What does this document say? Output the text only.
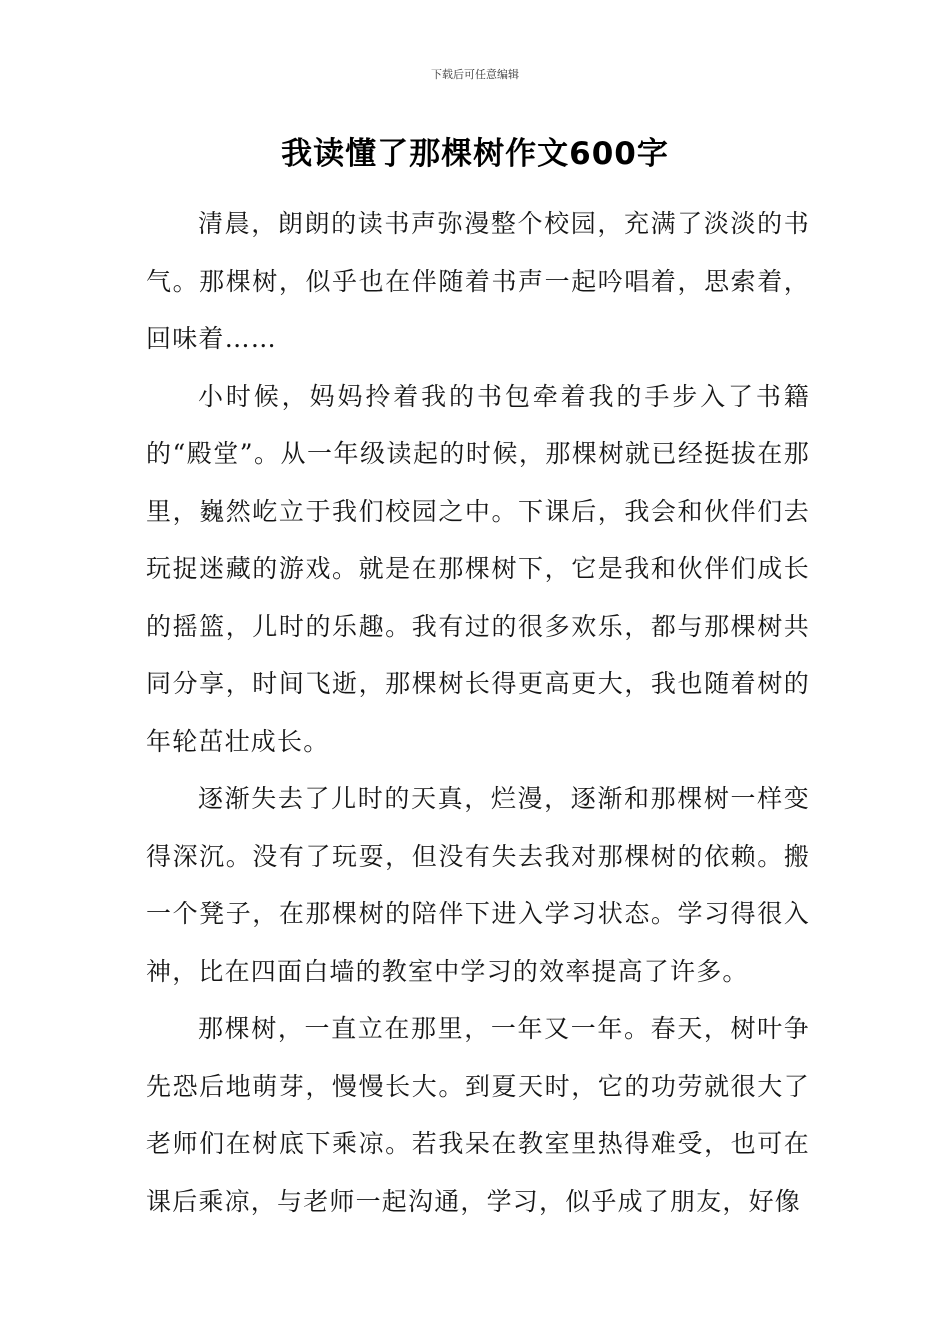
下载后可任意编辑
我读懂了那棵树作文600字

清晨，朗朗的读书声弥漫整个校园，充满了淡淡的书气。那棵树，似乎也在伴随着书声一起吟唱着，思索着，回味着……

小时候，妈妈拎着我的书包牵着我的手步入了书籍的“殿堂”。从一年级读起的时候，那棵树就已经挺拔在那里，巍然屹立于我们校园之中。下课后，我会和伙伴们去玩捉迷藏的游戏。就是在那棵树下，它是我和伙伴们成长的摇篮，儿时的乐趣。我有过的很多欢乐，都与那棵树共同分享，时间飞逝，那棵树长得更高更大，我也随着树的年轮茁壮成长。

逐渐失去了儿时的天真，烂漫，逐渐和那棵树一样变得深沉。没有了玩耍，但没有失去我对那棵树的依赖。搬一个凳子，在那棵树的陪伴下进入学习状态。学习得很入神，比在四面白墙的教室中学习的效率提高了许多。

那棵树，一直立在那里，一年又一年。春天，树叶争先恐后地萌芽，慢慢长大。到夏天时，它的功劳就很大了老师们在树底下乘凉。若我呆在教室里热得难受，也可在课后乘凉，与老师一起沟通，学习，似乎成了朋友，好像
